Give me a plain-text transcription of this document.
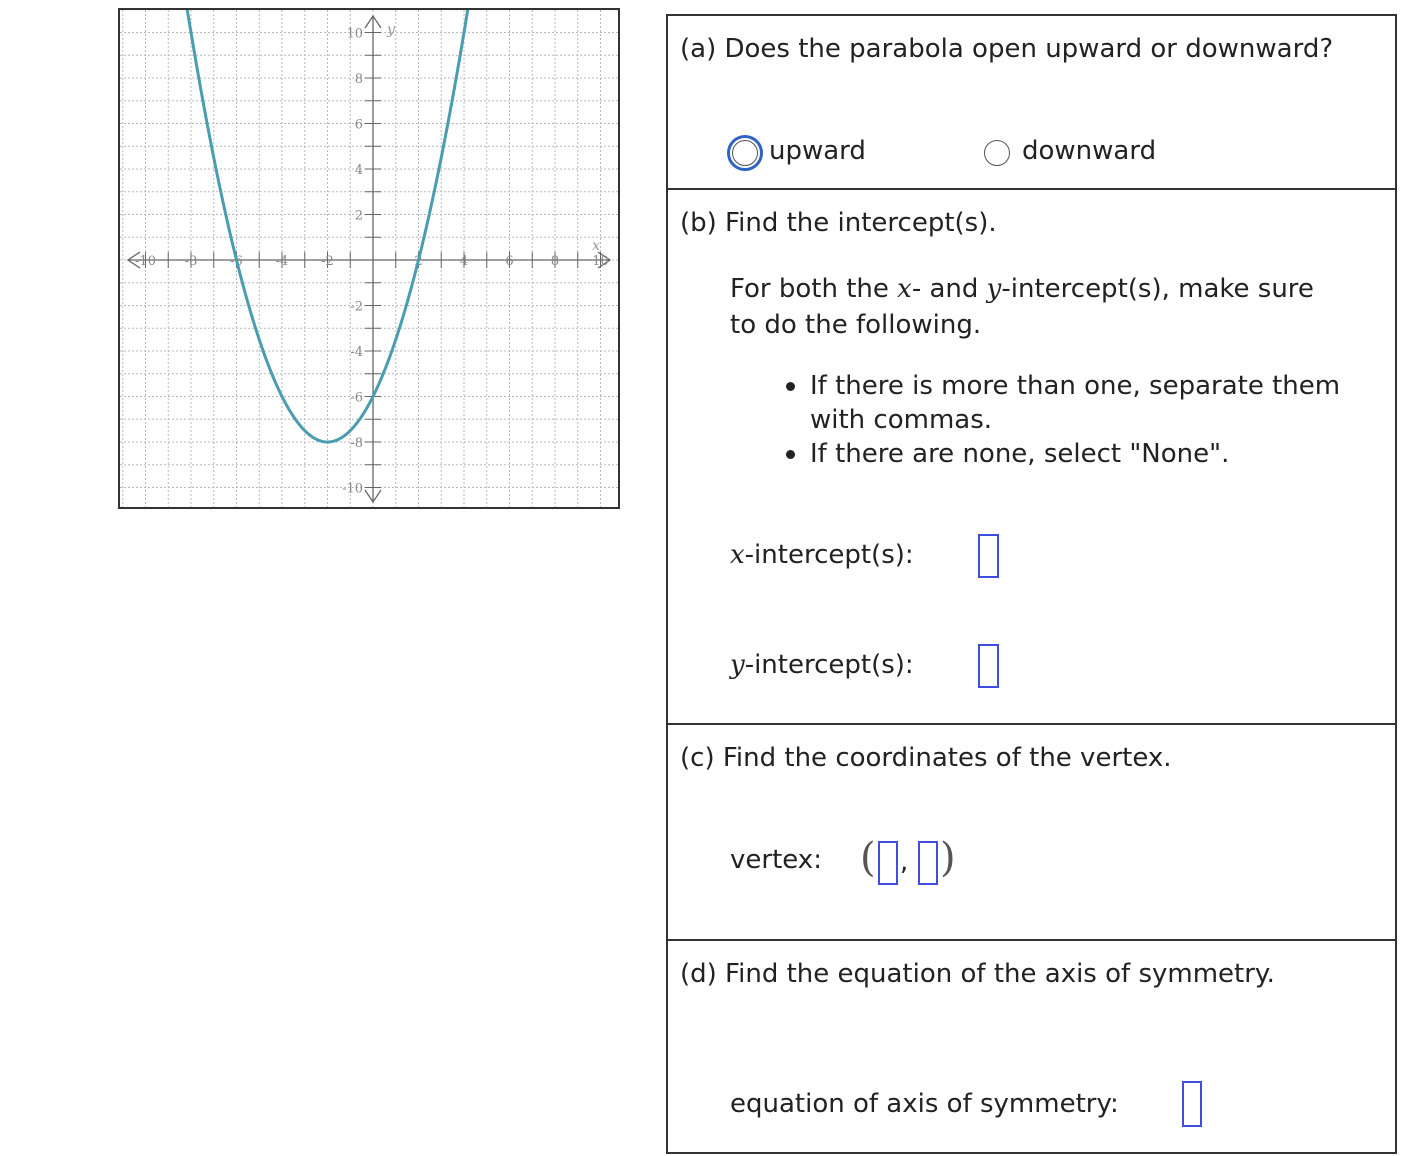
-10 -8	-6	-4	-2	2	4	6	8	10
10
8
6
4
2
-2
-4
-6
-8
-10
x
y

(a) Does the parabola open upward or downward?

upward	downward

(b) Find the intercept(s).

For both the x- and y-intercept(s), make sure
to do the following.
If there is more than one, separate them
with commas.
If there are none, select "None".
x-intercept(s):
y-intercept(s):

(c) Find the coordinates of the vertex.

vertex: ( , )

(d) Find the equation of the axis of symmetry.

equation of axis of symmetry:
